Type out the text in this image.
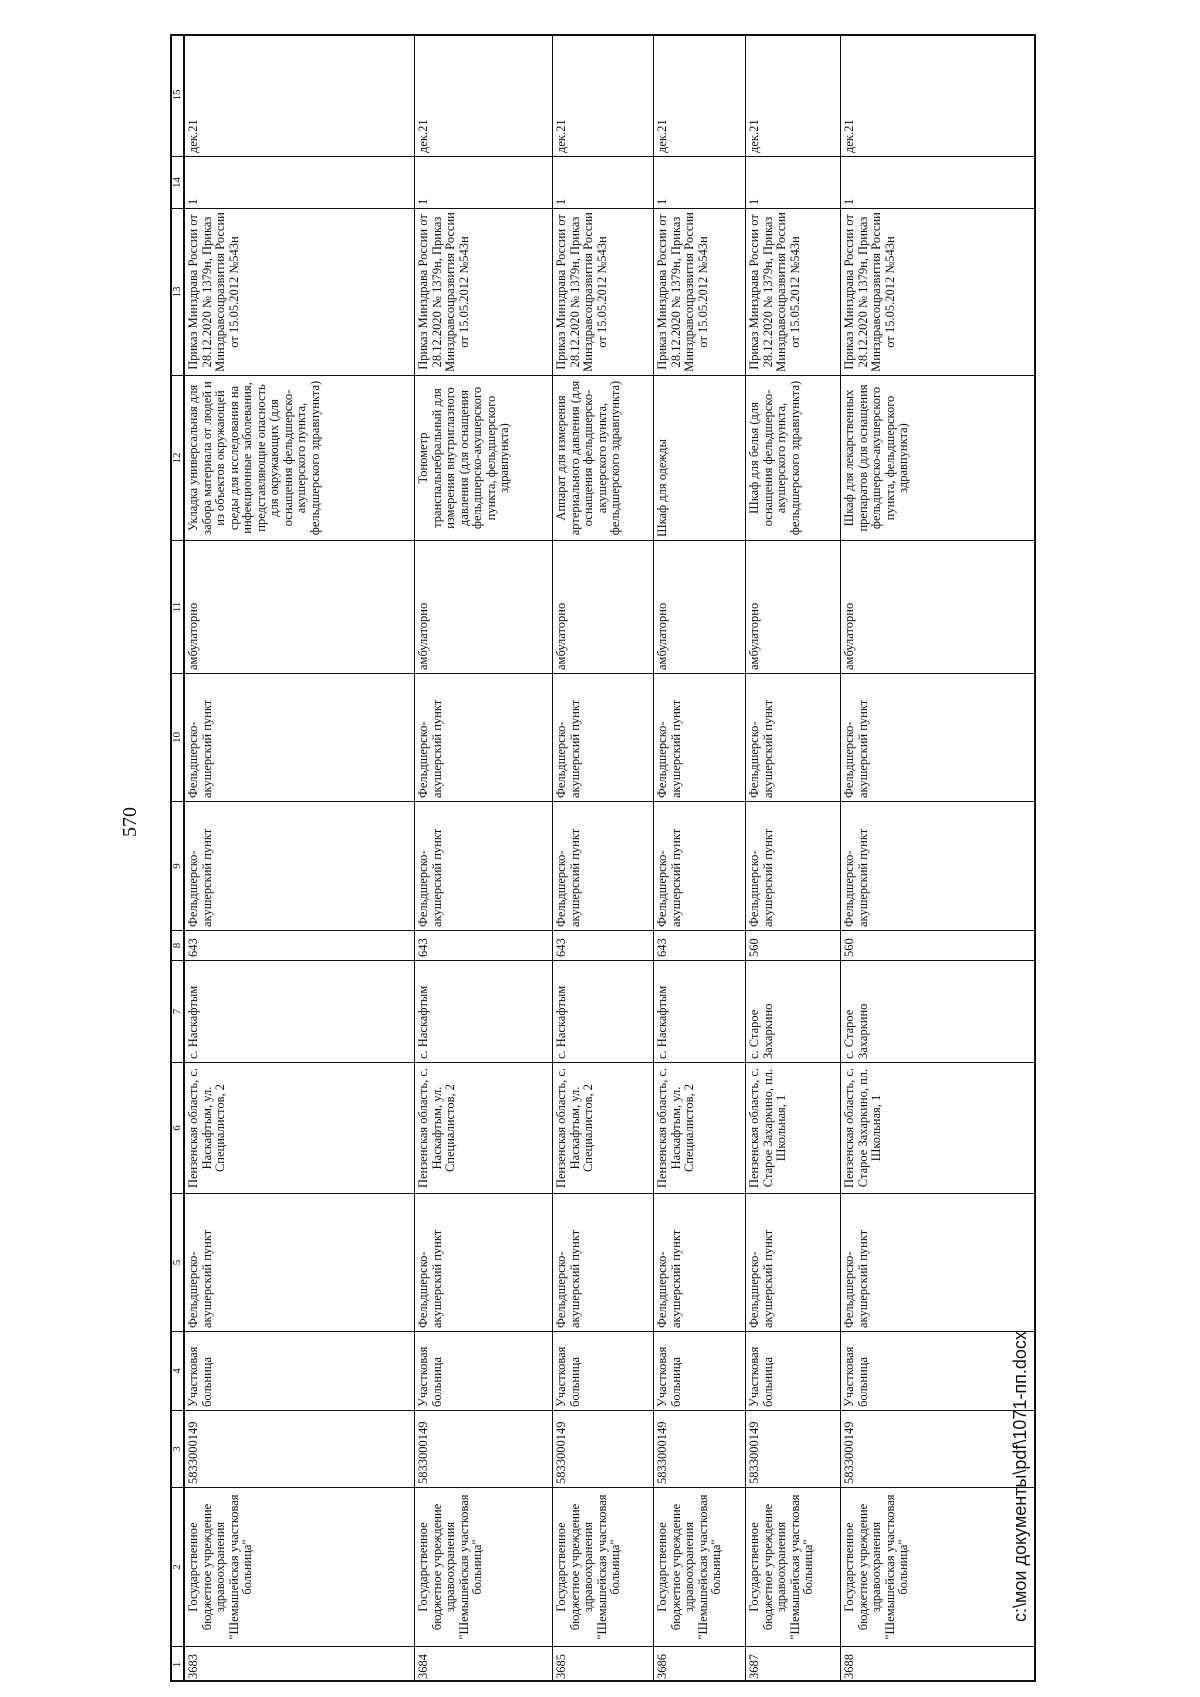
570
1
2
3
4
5
6
7
8
9
10
11
12
13
14
15
3683
Государственное бюджетное учреждение здравоохранения "Шемышейская участковая больница"
5833000149
Участковая больница
Фельдшерско-акушерский пункт
Пензенская область, с. Наскафтым, ул. Специалистов, 2
с. Наскафтым
643
Фельдшерско-акушерский пункт
Фельдшерско-акушерский пункт
амбулаторно
Укладка универсальная для забора материала от людей и из объектов окружающей среды для исследования на инфекционные заболевания, представляющие опасность для окружающих (для оснащения фельдшерско-акушерского пункта, фельдшерского здравпункта)
Приказ Минздрава России от 28.12.2020 № 1379н, Приказ Минздравсоцразвития России от 15.05.2012 №543н
1
дек.21
3684
Государственное бюджетное учреждение здравоохранения "Шемышейская участковая больница"
5833000149
Участковая больница
Фельдшерско-акушерский пункт
Пензенская область, с. Наскафтым, ул. Специалистов, 2
с. Наскафтым
643
Фельдшерско-акушерский пункт
Фельдшерско-акушерский пункт
амбулаторно
Тонометр транспальпебральный для измерения внутриглазного давления (для оснащения фельдшерско-акушерского пункта, фельдшерского здравпункта)
Приказ Минздрава России от 28.12.2020 № 1379н, Приказ Минздравсоцразвития России от 15.05.2012 №543н
1
дек.21
3685
Государственное бюджетное учреждение здравоохранения "Шемышейская участковая больница"
5833000149
Участковая больница
Фельдшерско-акушерский пункт
Пензенская область, с. Наскафтым, ул. Специалистов, 2
с. Наскафтым
643
Фельдшерско-акушерский пункт
Фельдшерско-акушерский пункт
амбулаторно
Аппарат для измерения артериального давления (для оснащения фельдшерско-акушерского пункта, фельдшерского здравпункта)
Приказ Минздрава России от 28.12.2020 № 1379н, Приказ Минздравсоцразвития России от 15.05.2012 №543н
1
дек.21
3686
Государственное бюджетное учреждение здравоохранения "Шемышейская участковая больница"
5833000149
Участковая больница
Фельдшерско-акушерский пункт
Пензенская область, с. Наскафтым, ул. Специалистов, 2
с. Наскафтым
643
Фельдшерско-акушерский пункт
Фельдшерско-акушерский пункт
амбулаторно
Шкаф для одежды
Приказ Минздрава России от 28.12.2020 № 1379н, Приказ Минздравсоцразвития России от 15.05.2012 №543н
1
дек.21
3687
Государственное бюджетное учреждение здравоохранения "Шемышейская участковая больница"
5833000149
Участковая больница
Фельдшерско-акушерский пункт
Пензенская область, с. Старое Захаркино, пл. Школьная, 1
с. Старое Захаркино
560
Фельдшерско-акушерский пункт
Фельдшерско-акушерский пункт
амбулаторно
Шкаф для белья (для оснащения фельдшерско-акушерского пункта, фельдшерского здравпункта)
Приказ Минздрава России от 28.12.2020 № 1379н, Приказ Минздравсоцразвития России от 15.05.2012 №543н
1
дек.21
3688
Государственное бюджетное учреждение здравоохранения "Шемышейская участковая больница"
5833000149
Участковая больница
Фельдшерско-акушерский пункт
Пензенская область, с. Старое Захаркино, пл. Школьная, 1
с. Старое Захаркино
560
Фельдшерско-акушерский пункт
Фельдшерско-акушерский пункт
амбулаторно
Шкаф для лекарственных препаратов (для оснащения фельдшерско-акушерского пункта, фельдшерского здравпункта)
Приказ Минздрава России от 28.12.2020 № 1379н, Приказ Минздравсоцразвития России от 15.05.2012 №543н
1
дек.21
с:\мои документы\pdf\1071-пп.docx
